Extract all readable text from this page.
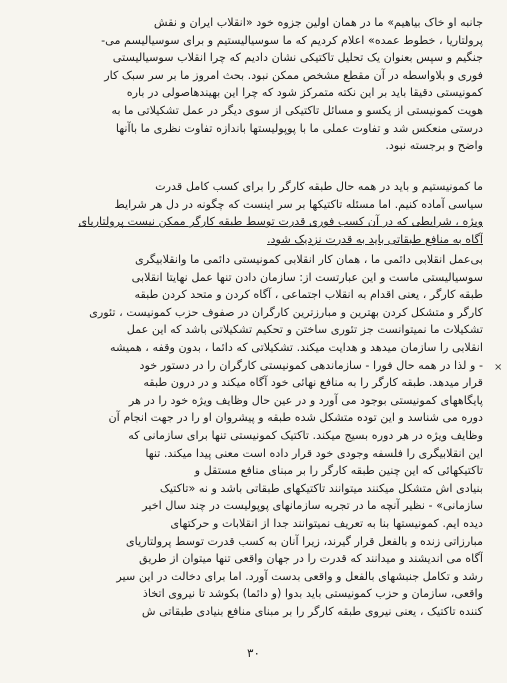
جانبه او خاک بیاهیم» ما در همان اولین جزوه خود «انقلاب ایران و نقش
پرولتاریا ، خطوط عمده» اعلام کردیم که ما سوسیالیستیم و برای سوسیالیسم می-
جنگیم و سپس بعنوان یک تحلیل تاکتیکی نشان دادیم که چرا انقلاب سوسیالیستی
فوری و بلاواسطه در آن مقطع مشخص ممکن نبود. بحث امروز ما بر سر سبک کار
کمونیستی دقیقا باید بر این نکته متمرکز شود که چرا این بهیندهاصولی در باره
هویت کمونیستی از یکسو و مسائل تاکتیکی از سوی دیگر در عمل تشکیلاتی ما به
درستی منعکس شد و تفاوت عملی ما با پوپولیستها باندازه تفاوت نظری ما باآنها
واضح و برجسته نبود.
ما کمونیستیم و باید در همه حال طبقه کارگر را برای کسب کامل قدرت
سیاسی آماده کنیم. اما مسئله تاکتیکها بر سر اینست که چگونه در دل هر شرایط
ویژه ، شرایطی که در آن کسب فوری قدرت توسط طبقه کارگر ممکن نیست پرولتاریای
آگاه به منافع طبقاتی باید به قدرت نزدیک شود.
بی‌عمل انقلابی دائمی ما ، همان کار انقلابی کمونیستی دائمی ما وانقلابیگری
سوسیالیستی ماست و این عبارتست از: سازمان دادن تنها عمل نهایتا انقلابی
طبقه کارگر ، یعنی اقدام به انقلاب اجتماعی ، آگاه کردن و متحد کردن طبقه
کارگر و متشکل کردن بهترین و مبارزترین کارگران در صفوف حزب کمونیست ، تئوری
تشکیلات ما نمیتوانست جز تئوری ساختن و تحکیم تشکیلاتی باشد که این عمل
انقلابی را سازمان میدهد و هدایت میکند. تشکیلاتی که دائما ، بدون وقفه ، همیشه
- و لذا در همه حال فورا - سازماندهی کمونیستی کارگران را در دستور خود
قرار میدهد. طبقه کارگر را به منافع نهائی خود آگاه میکند و در درون طبقه
پایگاههای کمونیستی بوجود می آورد و در عین حال وظایف ویژه خود را در هر
دوره می شناسد و این توده متشکل شده طبقه و پیشروان او را در جهت انجام آن
وظایف ویژه در هر دوره بسیج میکند. تاکتیک کمونیستی تنها برای سازمانی که
این انقلابیگری را فلسفه وجودی خود قرار داده است معنی پیدا میکند. تنها
تاکتیکهائی که این چنین طبقه کارگر را بر مبنای منافع مستقل و
بنیادی اش متشکل میکنند میتوانند تاکتیکهای طبقاتی باشد و نه «تاکتیک
سازمانی» - نظیر آنچه ما در تجربه سازمانهای پوپولیست در چند سال اخیر
دیده ایم. کمونیستها بنا به تعریف نمیتوانند جدا از انقلابات و حرکتهای
مبارزاتی زنده و بالفعل قرار گیرند، زیرا آنان به کسب قدرت توسط پرولتاریای
آگاه می اندیشند و میدانند که قدرت را در جهان واقعی تنها میتوان از طریق
رشد و تکامل جنبشهای بالفعل و واقعی بدست آورد. اما برای دخالت در این سیر
واقعی، سازمان و حزب کمونیستی باید بدوا (و دائما) بکوشد تا نیروی اتخاذ
کننده تاکتیک ، یعنی نیروی طبقه کارگر را بر مبنای منافع بنیادی طبقاتی ش
×
۳۰
